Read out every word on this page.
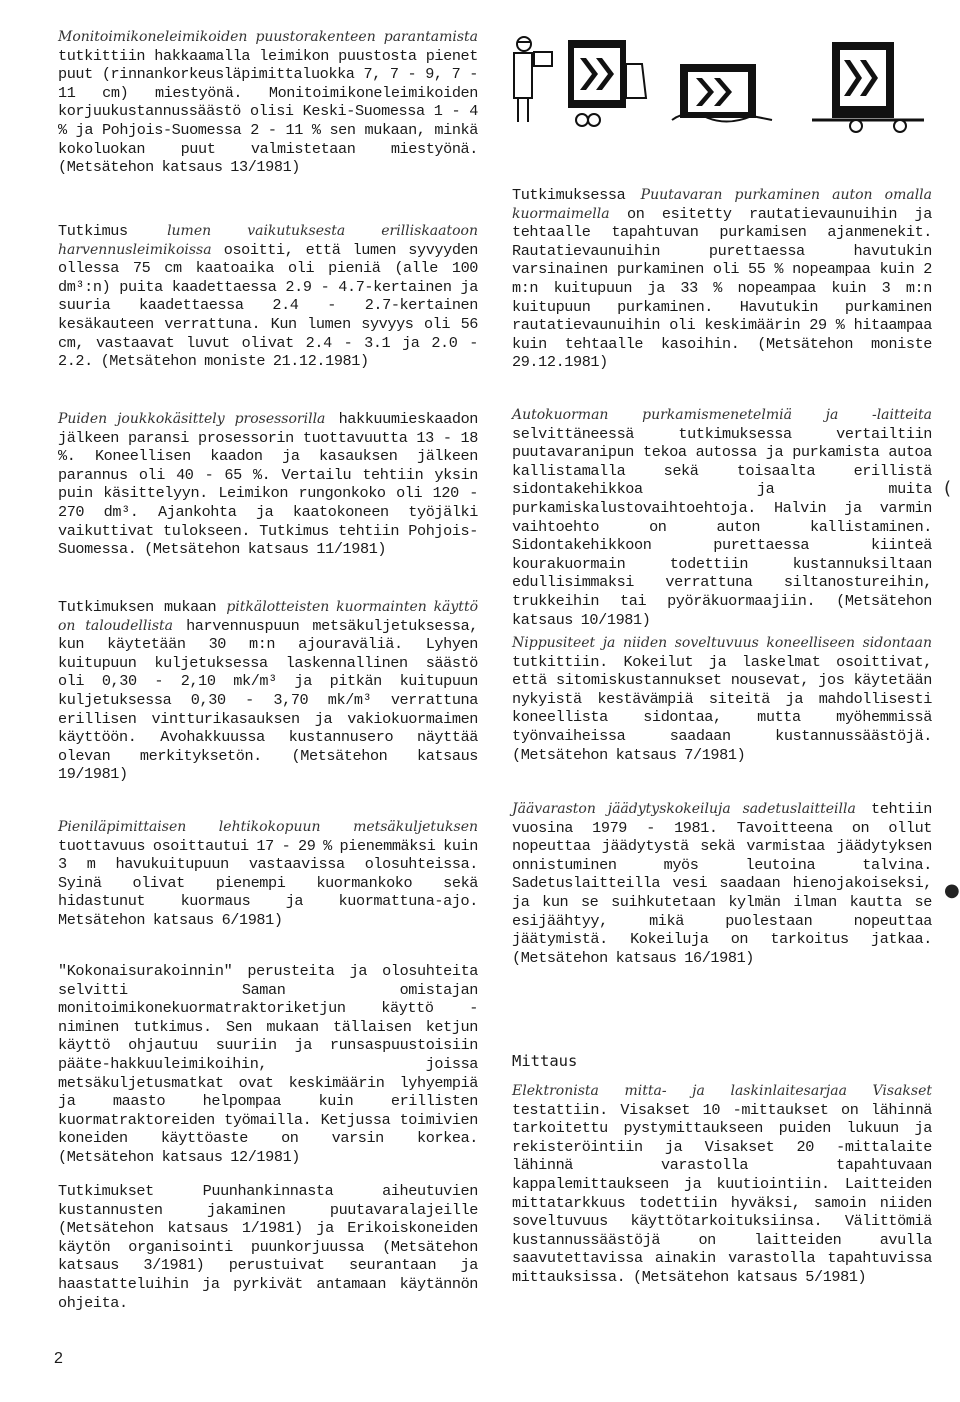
Monitoimikoneleimikoiden puustorakenteen parantamista tutkittiin hakkaamalla leimikon puustosta pienet puut (rinnankorkeusläpimittaluokka 7, 7 - 9, 7 - 11 cm) miestyönä. Monitoimikoneleimikoiden korjuukustannussäästö olisi Keski-Suomessa 1 - 4 % ja Pohjois-Suomessa 2 - 11 % sen mukaan, minkä kokoluokan puut valmistetaan miestyönä. (Metsätehon katsaus 13/1981)

Tutkimus	lumen vaikutuksesta erilliskaatoon harvennusleimikoissa osoitti, että lumen syvyyden ollessa 75 cm kaatoaika oli pieniä (alle 100 dm³:n) puita kaadettaessa 2.9 - 4.7-kertainen ja suuria kaadettaessa 2.4 - 2.7-kertainen kesäkauteen verrattuna. Kun lumen syvyys oli 56 cm, vastaavat luvut olivat 2.4 - 3.1 ja 2.0 - 2.2. (Metsätehon moniste 21.12.1981)

Puiden joukkokäsittely prosessorilla hakkuumieskaadon jälkeen paransi prosessorin tuottavuutta 13 - 18 %. Koneellisen kaadon ja kasauksen jälkeen parannus oli 40 - 65 %. Vertailu tehtiin yksin puin käsittelyyn. Leimikon rungonkoko oli 120 - 270 dm³. Ajankohta ja kaatokoneen työjälki vaikuttivat tulokseen. Tutkimus tehtiin Pohjois-Suomessa. (Metsätehon katsaus 11/1981)

Tutkimuksen mukaan pitkälotteisten kuormainten käyttö on taloudellista harvennuspuun metsäkuljetuksessa, kun käytetään 30 m:n ajouraväliä. Lyhyen kuitupuun kuljetuksessa laskennallinen säästö oli 0,30 - 2,10 mk/m³ ja pitkän kuitupuun kuljetuksessa 0,30 - 3,70 mk/m³ verrattuna erillisen vintturikasauksen ja vakiokuormaimen käyttöön. Avohakkuussa kustannusero näyttää olevan merkityksetön. (Metsätehon katsaus 19/1981)

Pieniläpimittaisen lehtikokopuun metsäkuljetuksen tuottavuus osoittautui 17 - 29 % pienemmäksi kuin 3 m havukuitupuun vastaavissa olosuhteissa. Syinä olivat pienempi kuormankoko sekä hidastunut kuormaus ja kuormattuna-ajo. Metsätehon katsaus 6/1981)

"Kokonaisurakoinnin" perusteita ja olosuhteita selvitti Saman omistajan monitoimikonekuormatraktoriketjun käyttö -niminen tutkimus. Sen mukaan tällaisen ketjun käyttö ohjautuu suuriin ja runsaspuustoisiin pääte-hakkuuleimikoihin, joissa metsäkuljetusmatkat ovat keskimäärin lyhyempiä ja maasto helpompaa kuin erillisten kuormatraktoreiden työmailla. Ketjussa toimivien koneiden käyttöaste on varsin korkea. (Metsätehon katsaus 12/1981)

Tutkimukset Puunhankinnasta aiheutuvien kustannusten jakaminen puutavaralajeille (Metsätehon katsaus 1/1981) ja Erikoiskoneiden käytön organisointi puunkorjuussa (Metsätehon katsaus 3/1981) perustuivat seurantaan ja haastatteluihin ja pyrkivät antamaan käytännön ohjeita.

Tutkimuksessa Puutavaran purkaminen auton omalla kuormaimella on esitetty rautatievaunuihin ja tehtaalle tapahtuvan purkamisen ajanmenekit. Rautatievaunuihin purettaessa havutukin varsinainen purkaminen oli 55 % nopeampaa kuin 2 m:n kuitupuun ja 33 % nopeampaa kuin 3 m:n kuitupuun purkaminen. Havutukin purkaminen rautatievaunuihin oli keskimäärin 29 % hitaampaa kuin tehtaalle kasoihin. (Metsätehon moniste 29.12.1981)

Autokuorman purkamismenetelmiä ja -laitteita selvittäneessä tutkimuksessa vertailtiin puutavaranipun tekoa autossa ja purkamista autoa kallistamalla sekä toisaalta erillistä sidontakehikkoa ja muita purkamiskalustovaihtoehtoja. Halvin ja varmin vaihtoehto on auton kallistaminen. Sidontakehikkoon purettaessa kiinteä kourakuormain todettiin kustannuksiltaan edullisimmaksi verrattuna siltanostureihin, trukkeihin tai pyöräkuormaajiin. (Metsätehon katsaus 10/1981)

Nippusiteet ja niiden soveltuvuus koneelliseen sidontaan tutkittiin. Kokeilut ja laskelmat osoittivat, että sitomiskustannukset nousevat, jos käytetään nykyistä kestävämpiä siteitä ja mahdollisesti koneellista sidontaa, mutta myöhemmissä työnvaiheissa saadaan kustannussäästöjä. (Metsätehon katsaus 7/1981)

Jäävaraston jäädytyskokeiluja sadetuslaitteilla tehtiin vuosina 1979 - 1981. Tavoitteena on ollut nopeuttaa jäädytystä sekä varmistaa jäädytyksen onnistuminen myös leutoina talvina. Sadetuslaitteilla vesi saadaan hienojakoiseksi, ja kun se suihkutetaan kylmän ilman kautta se esijäähtyy, mikä puolestaan nopeuttaa jäätymistä. Kokeiluja on tarkoitus jatkaa. (Metsätehon katsaus 16/1981)

Mittaus

Elektronista mitta- ja laskinlaitesarjaa Visakset testattiin. Visakset 10 -mittaukset on lähinnä tarkoitettu pystymittaukseen puiden lukuun ja rekisteröintiin ja Visakset 20 -mittalaite lähinnä varastolla tapahtuvaan kappalemittaukseen ja kuutiointiin. Laitteiden mittatarkkuus todettiin hyväksi, samoin niiden soveltuvuus käyttötarkoituksiinsa. Välittömiä kustannussäästöjä on laitteiden avulla saavutettavissa ainakin varastolla tapahtuvissa mittauksissa. (Metsätehon katsaus 5/1981)

2
(
●
